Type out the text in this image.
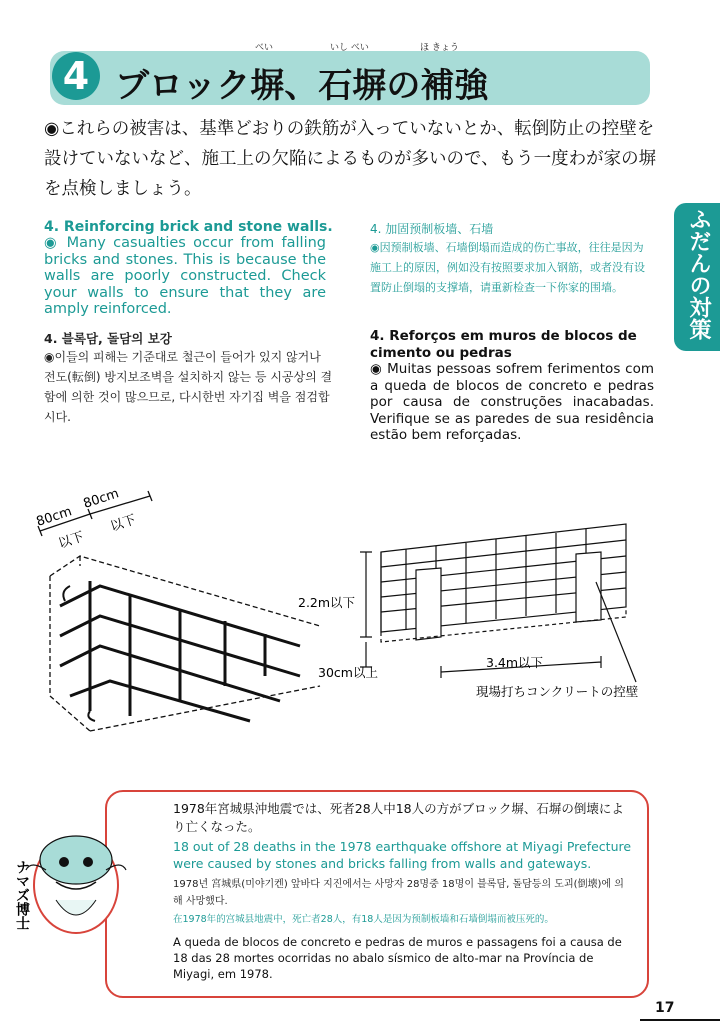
4
べい	いし べい	ほ きょう
ブロック塀、石塀の補強
◉これらの被害は、基準どおりの鉄筋が入っていないとか、転倒防止の控壁を設けていないなど、施工上の欠陥によるものが多いので、もう一度わが家の塀を点検しましょう。
ふだんの対策
4. Reinforcing brick and stone walls.
◉ Many casualties occur from falling bricks and stones. This is because the walls are poorly constructed. Check your walls to ensure that they are amply reinforced.
4. 加固预制板墙、石墙
◉因预制板墙、石墙倒塌而造成的伤亡事故，往往是因为施工上的原因，例如没有按照要求加入钢筋，或者没有设置防止倒塌的支撑墙，请重新检查一下你家的围墙。
4. 블록담, 돌담의 보강
◉이들의 피해는 기준대로 철근이 들어가 있지 않거나 전도(転倒) 방지보조벽을 설치하지 않는 등 시공상의 결함에 의한 것이 많으므로, 다시한번 자기집 벽을 점검합시다.
4. Reforços em muros de blocos de cimento ou pedras
◉ Muitas pessoas sofrem ferimentos com a queda de blocos de concreto e pedras por causa de construções inacabadas. Verifique se as paredes de sua residência estão bem reforçadas.
80cm
以下
80cm
以下
2.2m以下
30cm以上
3.4m以下
現場打ちコンクリートの控壁
ナマズ博士
1978年宮城県沖地震では、死者28人中18人の方がブロック塀、石塀の倒壊により亡くなった。
18 out of 28 deaths in the 1978 earthquake offshore at Miyagi Prefecture were caused by stones and bricks falling from walls and gateways.
1978년 宮城県(미야기켄) 앞바다 지진에서는 사망자 28명중 18명이 블록담, 돌담등의 도괴(倒壊)에 의해 사망했다.
在1978年的宫城县地震中，死亡者28人，有18人是因为预制板墙和石墙倒塌而被压死的。
A queda de blocos de concreto e pedras de muros e passagens foi a causa de 18 das 28 mortes ocorridas no abalo sísmico de alto-mar na Província de Miyagi, em 1978.
17
